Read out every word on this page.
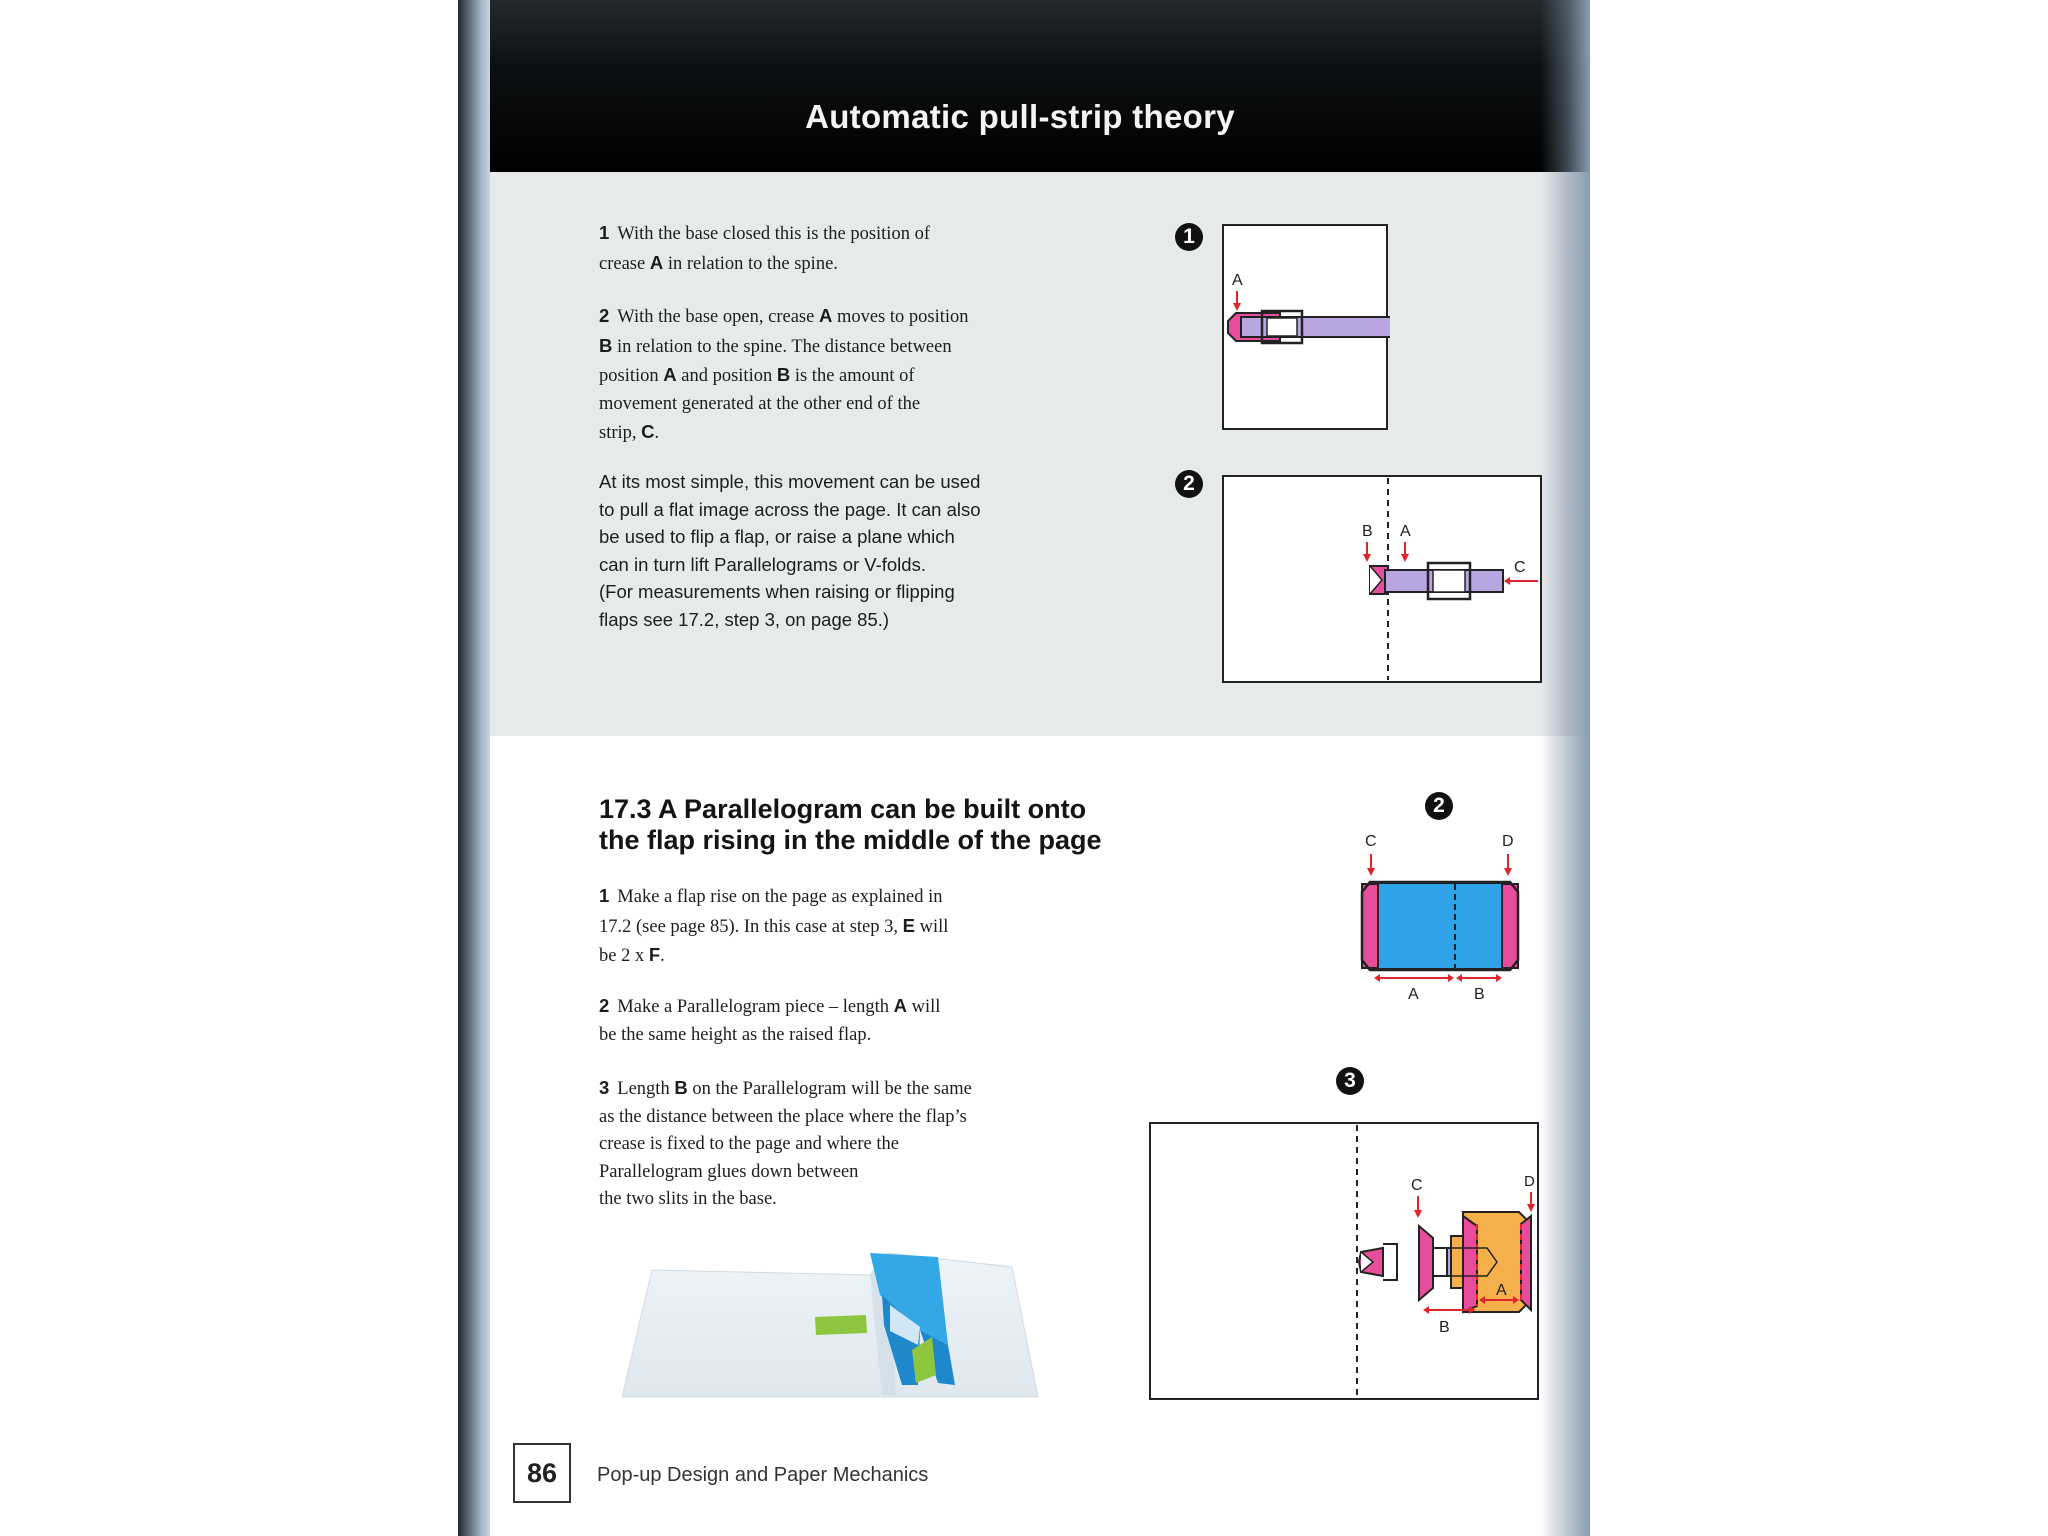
Automatic pull-strip theory
1 With the base closed this is the position of
crease A in relation to the spine.
2 With the base open, crease A moves to position
B in relation to the spine. The distance between
position A and position B is the amount of
movement generated at the other end of the
strip, C.
At its most simple, this movement can be used
to pull a flat image across the page. It can also
be used to flip a flap, or raise a plane which
can in turn lift Parallelograms or V-folds.
(For measurements when raising or flipping
flaps see 17.2, step 3, on page 85.)
1
A
2
B A
C
17.3 A Parallelogram can be built onto
the flap rising in the middle of the page
1 Make a flap rise on the page as explained in
17.2 (see page 85). In this case at step 3, E will
be 2 x F.
2 Make a Parallelogram piece – length A will
be the same height as the raised flap.
3 Length B on the Parallelogram will be the same
as the distance between the place where the flap’s
crease is fixed to the page and where the
Parallelogram glues down between
the two slits in the base.
2
C	D
A	B
3
C	D
A
B
86	Pop-up Design and Paper Mechanics
